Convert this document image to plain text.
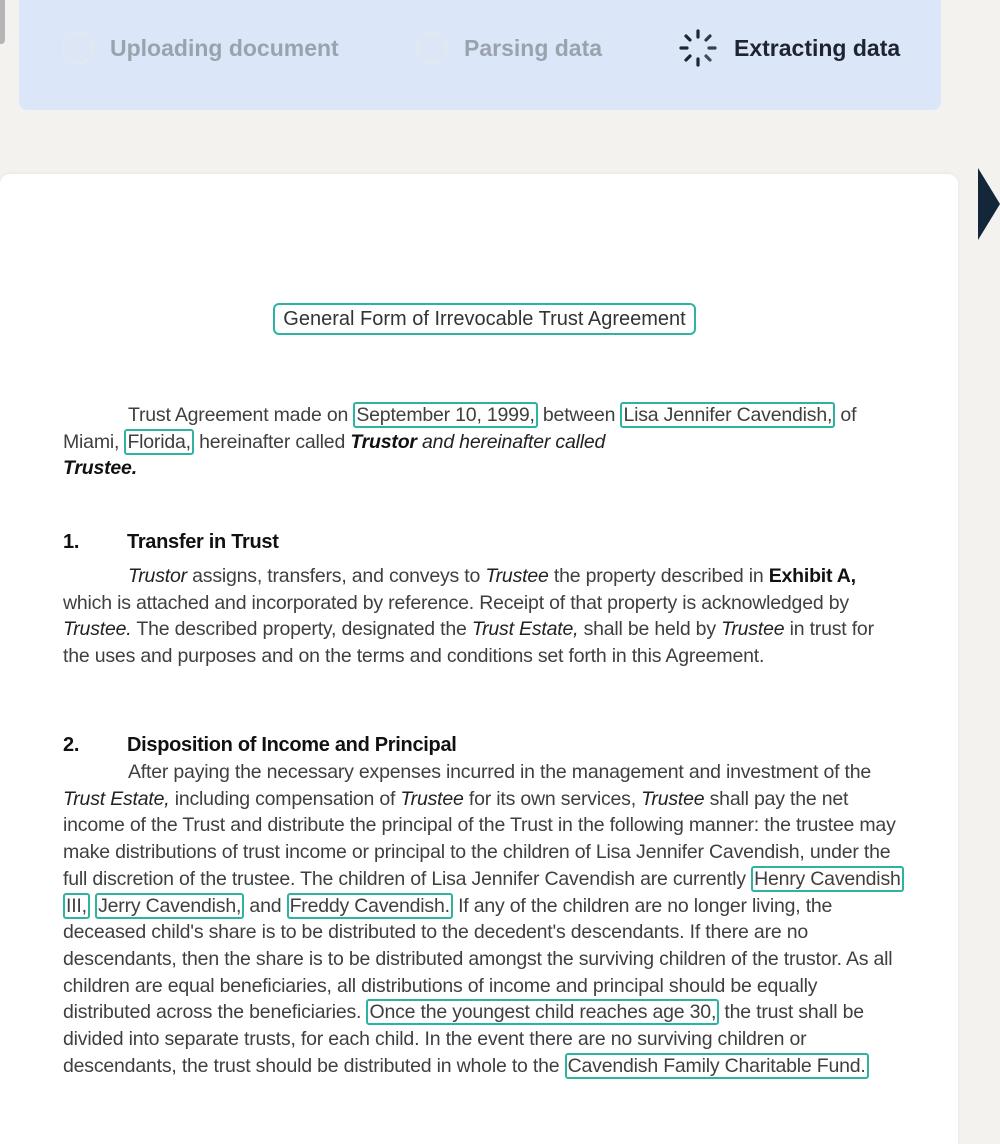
Uploading document	Parsing data	Extracting data
General Form of Irrevocable Trust Agreement

Trust Agreement made on September 10, 1999, between Lisa Jennifer Cavendish, of Miami, Florida, hereinafter called Trustor and hereinafter called
Trustee.

1. Transfer in Trust

Trustor assigns, transfers, and conveys to Trustee the property described in Exhibit A, which is attached and incorporated by reference. Receipt of that property is acknowledged by Trustee. The described property, designated the Trust Estate, shall be held by Trustee in trust for the uses and purposes and on the terms and conditions set forth in this Agreement.

2. Disposition of Income and Principal

After paying the necessary expenses incurred in the management and investment of the Trust Estate, including compensation of Trustee for its own services, Trustee shall pay the net income of the Trust and distribute the principal of the Trust in the following manner: the trustee may make distributions of trust income or principal to the children of Lisa Jennifer Cavendish, under the full discretion of the trustee. The children of Lisa Jennifer Cavendish are currently Henry Cavendish III, Jerry Cavendish, and Freddy Cavendish. If any of the children are no longer living, the deceased child's share is to be distributed to the decedent's descendants. If there are no descendants, then the share is to be distributed amongst the surviving children of the trustor. As all children are equal beneficiaries, all distributions of income and principal should be equally distributed across the beneficiaries. Once the youngest child reaches age 30, the trust shall be divided into separate trusts, for each child. In the event there are no surviving children or descendants, the trust should be distributed in whole to the Cavendish Family Charitable Fund.
